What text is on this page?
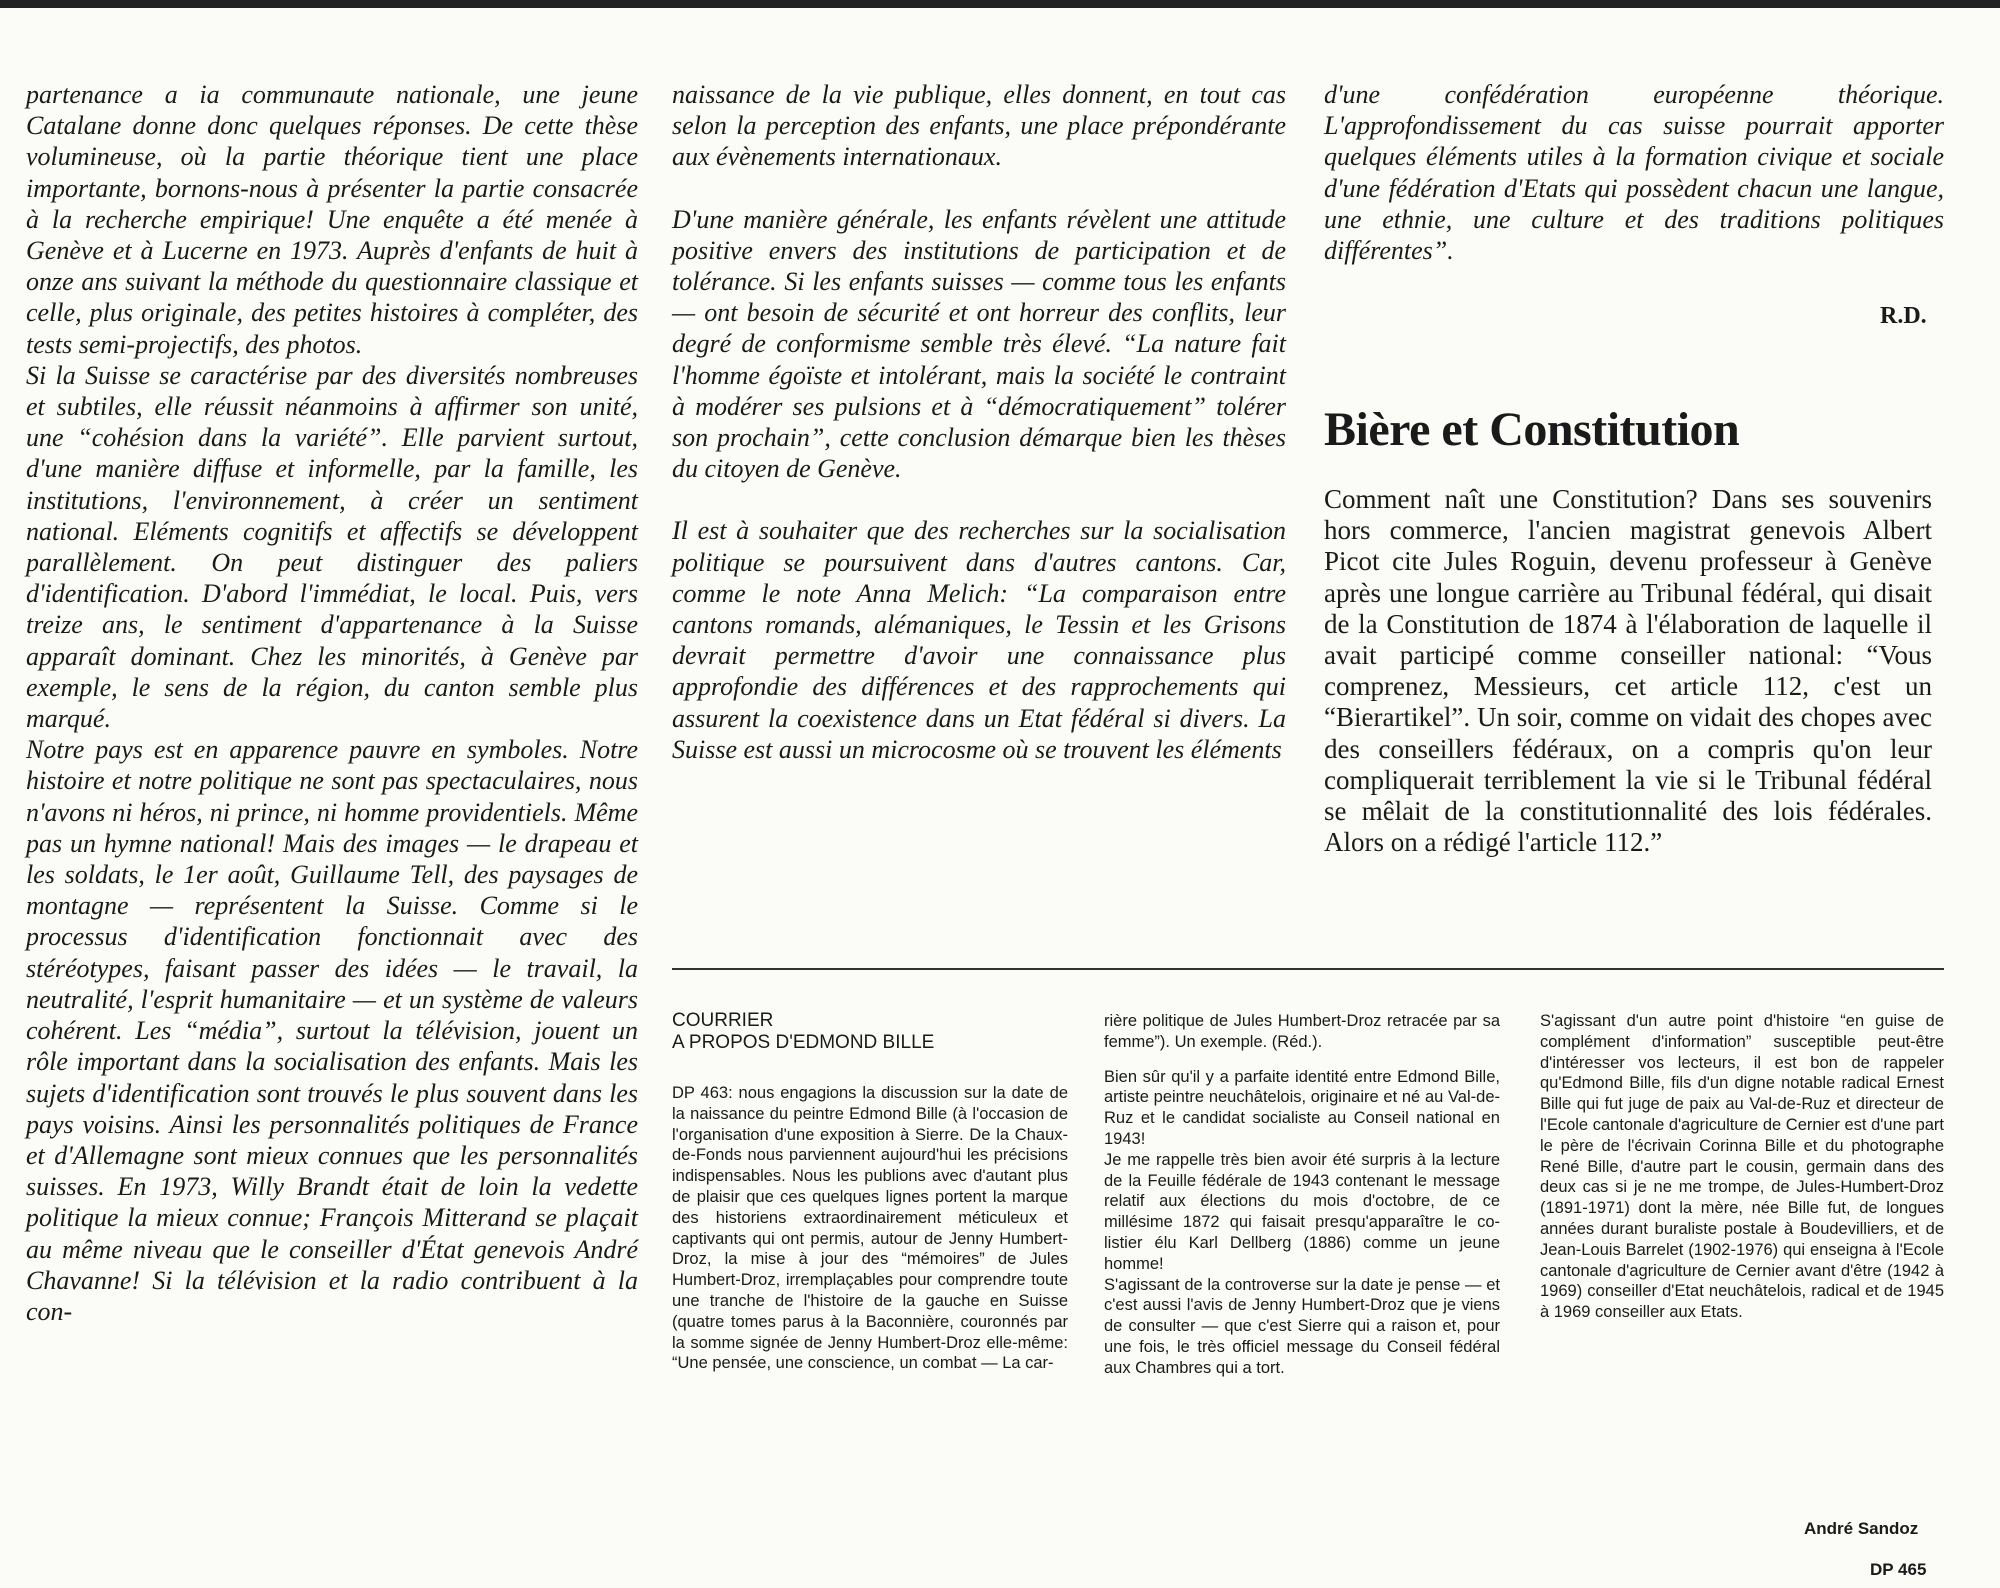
partenance a ia communaute nationale, une jeune Catalane donne donc quelques réponses. De cette thèse volumineuse, où la partie théorique tient une place importante, bornons-nous à présenter la partie consacrée à la recherche empirique! Une enquête a été menée à Genève et à Lucerne en 1973. Auprès d'enfants de huit à onze ans suivant la méthode du questionnaire classique et celle, plus originale, des petites histoires à compléter, des tests semi-projectifs, des photos.

Si la Suisse se caractérise par des diversités nombreuses et subtiles, elle réussit néanmoins à affirmer son unité, une “cohésion dans la variété”. Elle parvient surtout, d'une manière diffuse et informelle, par la famille, les institutions, l'environnement, à créer un sentiment national. Eléments cognitifs et affectifs se développent parallèlement. On peut distinguer des paliers d'identification. D'abord l'immédiat, le local. Puis, vers treize ans, le sentiment d'appartenance à la Suisse apparaît dominant. Chez les minorités, à Genève par exemple, le sens de la région, du canton semble plus marqué.

Notre pays est en apparence pauvre en symboles. Notre histoire et notre politique ne sont pas spectaculaires, nous n'avons ni héros, ni prince, ni homme providentiels. Même pas un hymne national! Mais des images — le drapeau et les soldats, le 1er août, Guillaume Tell, des paysages de montagne — représentent la Suisse. Comme si le processus d'identification fonctionnait avec des stéréotypes, faisant passer des idées — le travail, la neutralité, l'esprit humanitaire — et un système de valeurs cohérent. Les “média”, surtout la télévision, jouent un rôle important dans la socialisation des enfants. Mais les sujets d'identification sont trouvés le plus souvent dans les pays voisins. Ainsi les personnalités politiques de France et d'Allemagne sont mieux connues que les personnalités suisses. En 1973, Willy Brandt était de loin la vedette politique la mieux connue; François Mitterand se plaçait au même niveau que le conseiller d'État genevois André Chavanne! Si la télévision et la radio contribuent à la con-

naissance de la vie publique, elles donnent, en tout cas selon la perception des enfants, une place prépondérante aux évènements internationaux.

D'une manière générale, les enfants révèlent une attitude positive envers des institutions de participation et de tolérance. Si les enfants suisses — comme tous les enfants — ont besoin de sécurité et ont horreur des conflits, leur degré de conformisme semble très élevé. “La nature fait l'homme égoïste et intolérant, mais la société le contraint à modérer ses pulsions et à “démocratiquement” tolérer son prochain”, cette conclusion démarque bien les thèses du citoyen de Genève.

Il est à souhaiter que des recherches sur la socialisation politique se poursuivent dans d'autres cantons. Car, comme le note Anna Melich: “La comparaison entre cantons romands, alémaniques, le Tessin et les Grisons devrait permettre d'avoir une connaissance plus approfondie des différences et des rapprochements qui assurent la coexistence dans un Etat fédéral si divers. La Suisse est aussi un microcosme où se trouvent les éléments

d'une confédération européenne théorique. L'approfondissement du cas suisse pourrait apporter quelques éléments utiles à la formation civique et sociale d'une fédération d'Etats qui possèdent chacun une langue, une ethnie, une culture et des traditions politiques différentes”.

R.D.
Bière et Constitution

Comment naît une Constitution? Dans ses souvenirs hors commerce, l'ancien magistrat genevois Albert Picot cite Jules Roguin, devenu professeur à Genève après une longue carrière au Tribunal fédéral, qui disait de la Constitution de 1874 à l'élaboration de laquelle il avait participé comme conseiller national: “Vous comprenez, Messieurs, cet article 112, c'est un “Bierartikel”. Un soir, comme on vidait des chopes avec des conseillers fédéraux, on a compris qu'on leur compliquerait terriblement la vie si le Tribunal fédéral se mêlait de la constitutionnalité des lois fédérales. Alors on a rédigé l'article 112.”

COURRIER
A PROPOS D'EDMOND BILLE

DP 463: nous engagions la discussion sur la date de la naissance du peintre Edmond Bille (à l'occasion de l'organisation d'une exposition à Sierre. De la Chaux-de-Fonds nous parviennent aujourd'hui les précisions indispensables. Nous les publions avec d'autant plus de plaisir que ces quelques lignes portent la marque des historiens extraordinairement méticuleux et captivants qui ont permis, autour de Jenny Humbert-Droz, la mise à jour des “mémoires” de Jules Humbert-Droz, irremplaçables pour comprendre toute une tranche de l'histoire de la gauche en Suisse (quatre tomes parus à la Baconnière, couronnés par la somme signée de Jenny Humbert-Droz elle-même: “Une pensée, une conscience, un combat — La car-

rière politique de Jules Humbert-Droz retracée par sa femme”). Un exemple. (Réd.).

Bien sûr qu'il y a parfaite identité entre Edmond Bille, artiste peintre neuchâtelois, originaire et né au Val-de-Ruz et le candidat socialiste au Conseil national en 1943!

Je me rappelle très bien avoir été surpris à la lecture de la Feuille fédérale de 1943 contenant le message relatif aux élections du mois d'octobre, de ce millésime 1872 qui faisait presqu'apparaître le co-listier élu Karl Dellberg (1886) comme un jeune homme!

S'agissant de la controverse sur la date je pense — et c'est aussi l'avis de Jenny Humbert-Droz que je viens de consulter — que c'est Sierre qui a raison et, pour une fois, le très officiel message du Conseil fédéral aux Chambres qui a tort.

S'agissant d'un autre point d'histoire “en guise de complément d'information” susceptible peut-être d'intéresser vos lecteurs, il est bon de rappeler qu'Edmond Bille, fils d'un digne notable radical Ernest Bille qui fut juge de paix au Val-de-Ruz et directeur de l'Ecole cantonale d'agriculture de Cernier est d'une part le père de l'écrivain Corinna Bille et du photographe René Bille, d'autre part le cousin, germain dans des deux cas si je ne me trompe, de Jules-Humbert-Droz (1891-1971) dont la mère, née Bille fut, de longues années durant buraliste postale à Boudevilliers, et de Jean-Louis Barrelet (1902-1976) qui enseigna à l'Ecole cantonale d'agriculture de Cernier avant d'être (1942 à 1969) conseiller d'Etat neuchâtelois, radical et de 1945 à 1969 conseiller aux Etats.

André Sandoz
DP 465
